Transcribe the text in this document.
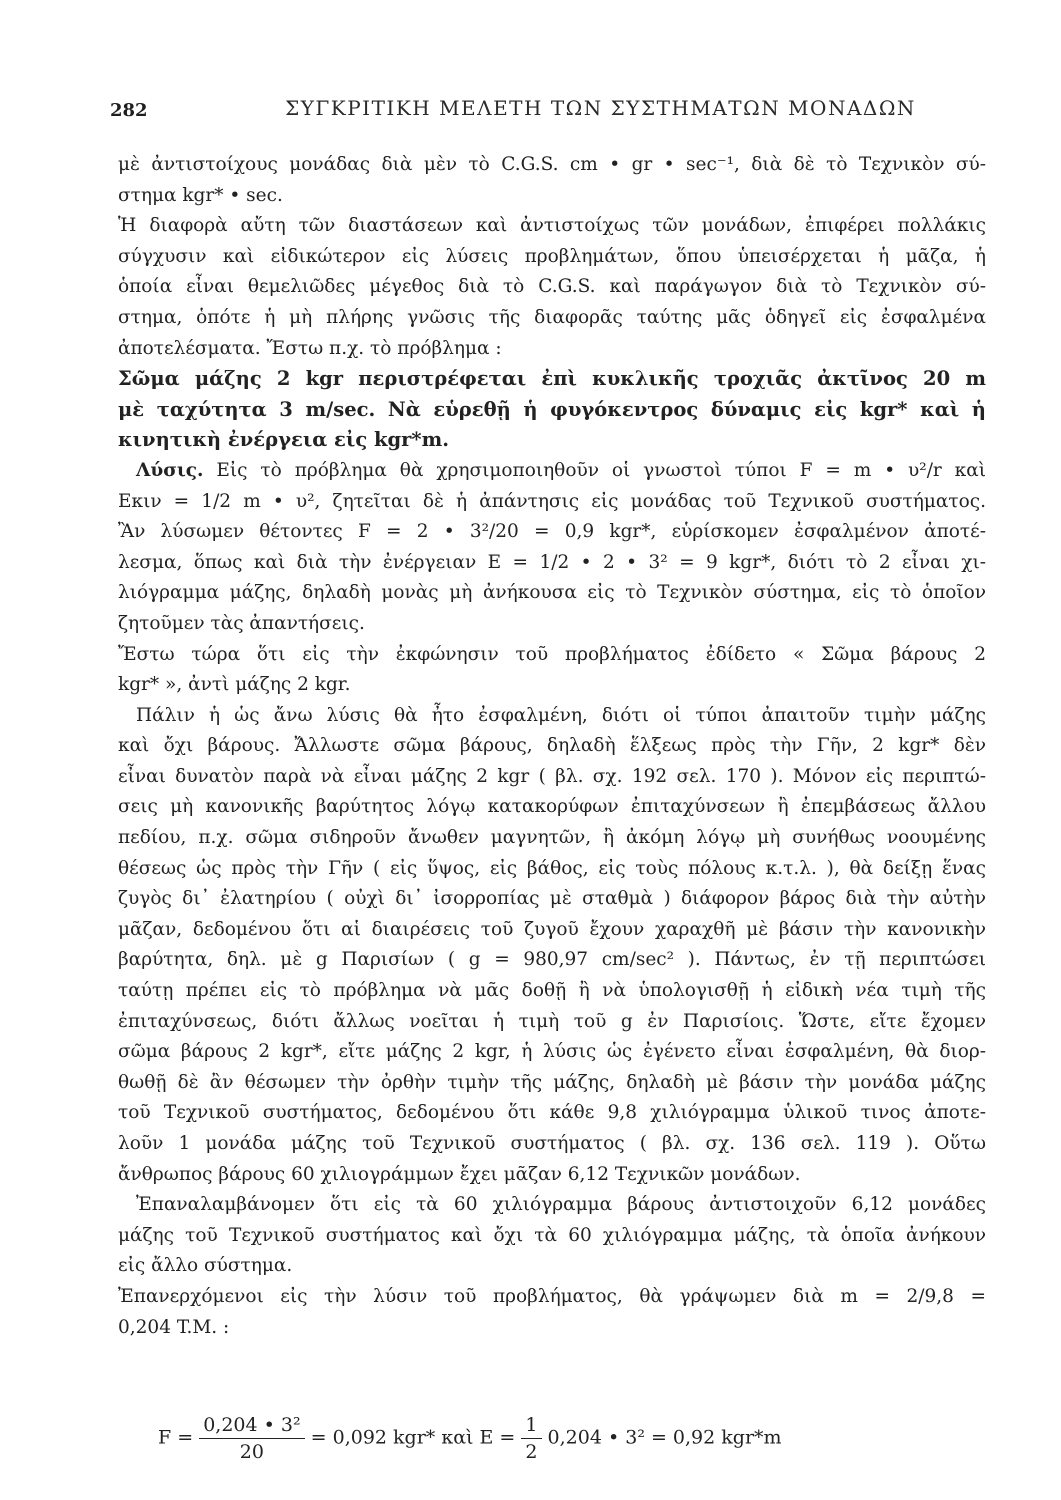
282	ΣΥΓΚΡΙΤΙΚΗ ΜΕΛΕΤΗ ΤΩΝ ΣΥΣΤΗΜΑΤΩΝ ΜΟΝΑΔΩΝ
μὲ ἀντιστοίχους μονάδας διὰ μὲν τὸ C.G.S. cm • gr • sec⁻¹, διὰ δὲ τὸ Τεχνικὸν σύ-
στημα kgr* • sec.
Ἡ διαφορὰ αὔτη τῶν διαστάσεων καὶ ἀντιστοίχως τῶν μονάδων, ἐπιφέρει πολλάκις
σύγχυσιν καὶ εἰδικώτερον εἰς λύσεις προβλημάτων, ὅπου ὑπεισέρχεται ἡ μᾶζα, ἡ
ὁποία εἶναι θεμελιῶδες μέγεθος διὰ τὸ C.G.S. καὶ παράγωγον διὰ τὸ Τεχνικὸν σύ-
στημα, ὁπότε ἡ μὴ πλήρης γνῶσις τῆς διαφορᾶς ταύτης μᾶς ὁδηγεῖ εἰς ἐσφαλμένα
ἀποτελέσματα. Ἔστω π.χ. τὸ πρόβλημα :
Σῶμα μάζης 2 kgr περιστρέφεται ἐπὶ κυκλικῆς τροχιᾶς ἀκτῖνος 20 m
μὲ ταχύτητα 3 m/sec. Νὰ εὑρεθῇ ἡ φυγόκεντρος δύναμις εἰς kgr* καὶ ἡ
κινητικὴ ἐνέργεια εἰς kgr*m.
Λύσις. Εἰς τὸ πρόβλημα θὰ χρησιμοποιηθοῦν οἱ γνωστοὶ τύποι F = m • υ²/r καὶ
Eκιν = 1/2 m • υ², ζητεῖται δὲ ἡ ἀπάντησις εἰς μονάδας τοῦ Τεχνικοῦ συστήματος.
Ἂν λύσωμεν θέτοντες F = 2 • 3²/20 = 0,9 kgr*, εὑρίσκομεν ἐσφαλμένον ἀποτέ-
λεσμα, ὅπως καὶ διὰ τὴν ἐνέργειαν E = 1/2 • 2 • 3² = 9 kgr*, διότι τὸ 2 εἶναι χι-
λιόγραμμα μάζης, δηλαδὴ μονὰς μὴ ἀνήκουσα εἰς τὸ Τεχνικὸν σύστημα, εἰς τὸ ὁποῖον
ζητοῦμεν τὰς ἀπαντήσεις.
Ἔστω τώρα ὅτι εἰς τὴν ἐκφώνησιν τοῦ προβλήματος ἐδίδετο « Σῶμα βάρους 2
kgr* », ἀντὶ μάζης 2 kgr.
Πάλιν ἡ ὡς ἄνω λύσις θὰ ἦτο ἐσφαλμένη, διότι οἱ τύποι ἀπαιτοῦν τιμὴν μάζης
καὶ ὄχι βάρους. Ἄλλωστε σῶμα βάρους, δηλαδὴ ἕλξεως πρὸς τὴν Γῆν, 2 kgr* δὲν
εἶναι δυνατὸν παρὰ νὰ εἶναι μάζης 2 kgr ( βλ. σχ. 192 σελ. 170 ). Μόνον εἰς περιπτώ-
σεις μὴ κανονικῆς βαρύτητος λόγῳ κατακορύφων ἐπιταχύνσεων ἢ ἐπεμβάσεως ἄλλου
πεδίου, π.χ. σῶμα σιδηροῦν ἄνωθεν μαγνητῶν, ἢ ἀκόμη λόγῳ μὴ συνήθως νοουμένης
θέσεως ὡς πρὸς τὴν Γῆν ( εἰς ὕψος, εἰς βάθος, εἰς τοὺς πόλους κ.τ.λ. ), θὰ δείξῃ ἕνας
ζυγὸς δι᾽ ἐλατηρίου ( οὐχὶ δι᾽ ἰσορροπίας μὲ σταθμὰ ) διάφορον βάρος διὰ τὴν αὐτὴν
μᾶζαν, δεδομένου ὅτι αἱ διαιρέσεις τοῦ ζυγοῦ ἔχουν χαραχθῆ μὲ βάσιν τὴν κανονικὴν
βαρύτητα, δηλ. μὲ g Παρισίων ( g = 980,97 cm/sec² ). Πάντως, ἐν τῇ περιπτώσει
ταύτῃ πρέπει εἰς τὸ πρόβλημα νὰ μᾶς δοθῇ ἢ νὰ ὑπολογισθῇ ἡ εἰδικὴ νέα τιμὴ τῆς
ἐπιταχύνσεως, διότι ἄλλως νοεῖται ἡ τιμὴ τοῦ g ἐν Παρισίοις. Ὥστε, εἴτε ἔχομεν
σῶμα βάρους 2 kgr*, εἴτε μάζης 2 kgr, ἡ λύσις ὡς ἐγένετο εἶναι ἐσφαλμένη, θὰ διορ-
θωθῇ δὲ ἂν θέσωμεν τὴν ὀρθὴν τιμὴν τῆς μάζης, δηλαδὴ μὲ βάσιν τὴν μονάδα μάζης
τοῦ Τεχνικοῦ συστήματος, δεδομένου ὅτι κάθε 9,8 χιλιόγραμμα ὑλικοῦ τινος ἀποτε-
λοῦν 1 μονάδα μάζης τοῦ Τεχνικοῦ συστήματος ( βλ. σχ. 136 σελ. 119 ). Οὕτω
ἄνθρωπος βάρους 60 χιλιογράμμων ἔχει μᾶζαν 6,12 Τεχνικῶν μονάδων.
Ἐπαναλαμβάνομεν ὅτι εἰς τὰ 60 χιλιόγραμμα βάρους ἀντιστοιχοῦν 6,12 μονάδες
μάζης τοῦ Τεχνικοῦ συστήματος καὶ ὄχι τὰ 60 χιλιόγραμμα μάζης, τὰ ὁποῖα ἀνήκουν
εἰς ἄλλο σύστημα.
Ἐπανερχόμενοι εἰς τὴν λύσιν τοῦ προβλήματος, θὰ γράψωμεν διὰ m = 2/9,8 =
0,204 T.M. :
$F = \frac{\text{0,204 • 3²}}{20} = 0,092$ kgr* καὶ $E = \frac{1}{2} 0,204$ • 3² = 0,92 kgr*m
